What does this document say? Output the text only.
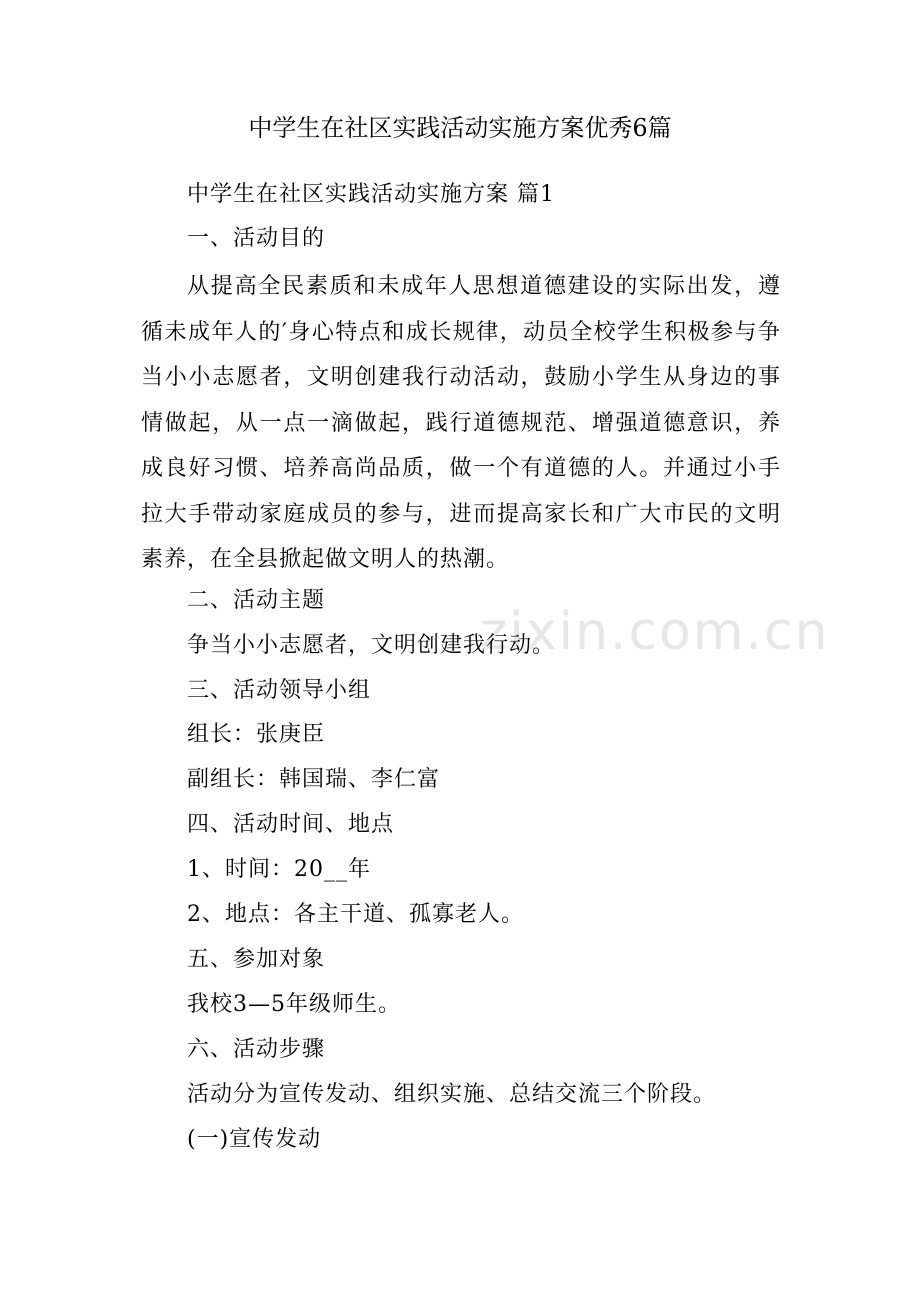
zixin.com.cn
中学生在社区实践活动实施方案优秀6篇
中学生在社区实践活动实施方案 篇1
一、活动目的
从提高全民素质和未成年人思想道德建设的实际出发，遵循未成年人的′身心特点和成长规律，动员全校学生积极参与争当小小志愿者，文明创建我行动活动，鼓励小学生从身边的事情做起，从一点一滴做起，践行道德规范、增强道德意识，养成良好习惯、培养高尚品质，做一个有道德的人。并通过小手拉大手带动家庭成员的参与，进而提高家长和广大市民的文明素养，在全县掀起做文明人的热潮。
二、活动主题
争当小小志愿者，文明创建我行动。
三、活动领导小组
组长：张庚臣
副组长：韩国瑞、李仁富
四、活动时间、地点
1、时间：20__年
2、地点：各主干道、孤寡老人。
五、参加对象
我校3—5年级师生。
六、活动步骤
活动分为宣传发动、组织实施、总结交流三个阶段。
(一)宣传发动
